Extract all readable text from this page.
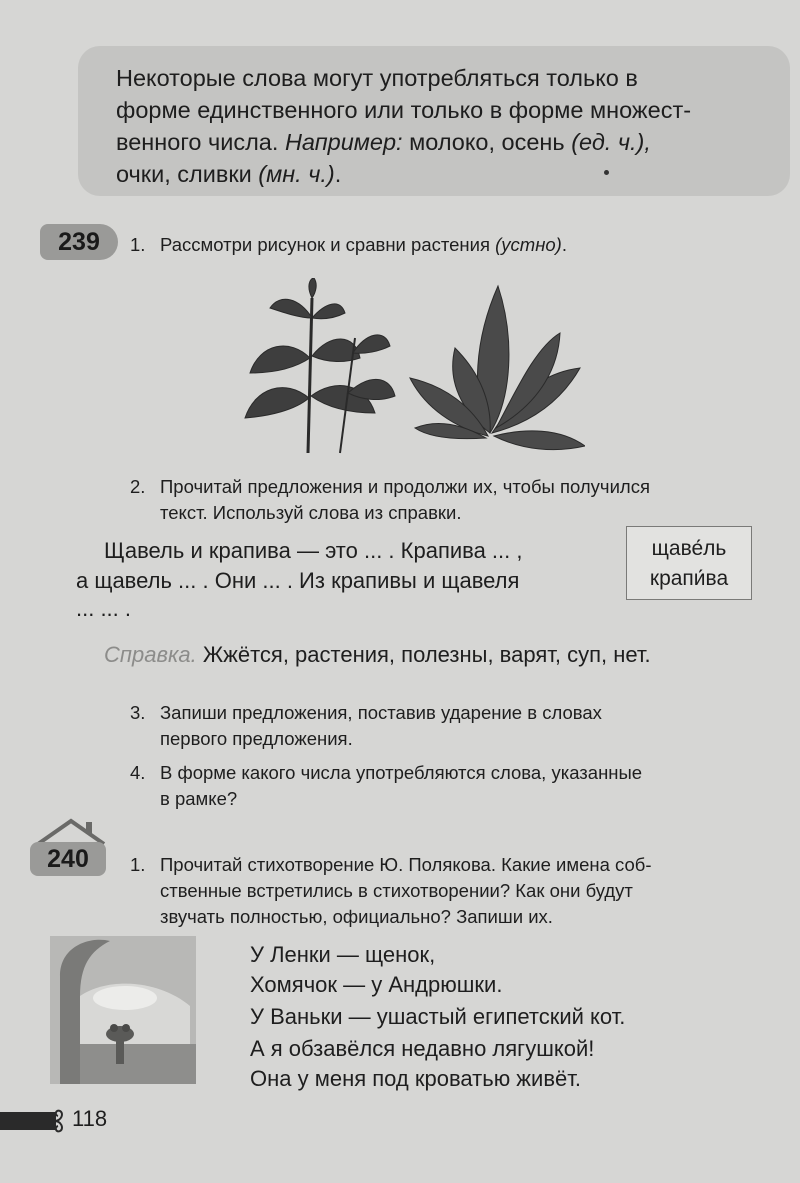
Некоторые слова могут употребляться только в
форме единственного или только в форме множест-
венного числа. Например: молоко, осень (ед. ч.),
очки, сливки (мн. ч.).
239	1. Рассмотри рисунок и сравни растения (устно).
2. Прочитай предложения и продолжи их, чтобы получился
текст. Используй слова из справки.
Щавель и крапива — это ... . Крапива ... ,
а щавель ... . Они ... . Из крапивы и щавеля
... ... .
щаве́ль
крапи́ва
Справка. Жжётся, растения, полезны, варят, суп, нет.
3. Запиши предложения, поставив ударение в словах
первого предложения.
4. В форме какого числа употребляются слова, указанные
в рамке?
240	1. Прочитай стихотворение Ю. Полякова. Какие имена соб-
ственные встретились в стихотворении? Как они будут
звучать полностью, официально? Запиши их.
У Ленки — щенок,
Хомячок — у Андрюшки.
У Ваньки — ушастый египетский кот.
А я обзавёлся недавно лягушкой!
Она у меня под кроватью живёт.
118
